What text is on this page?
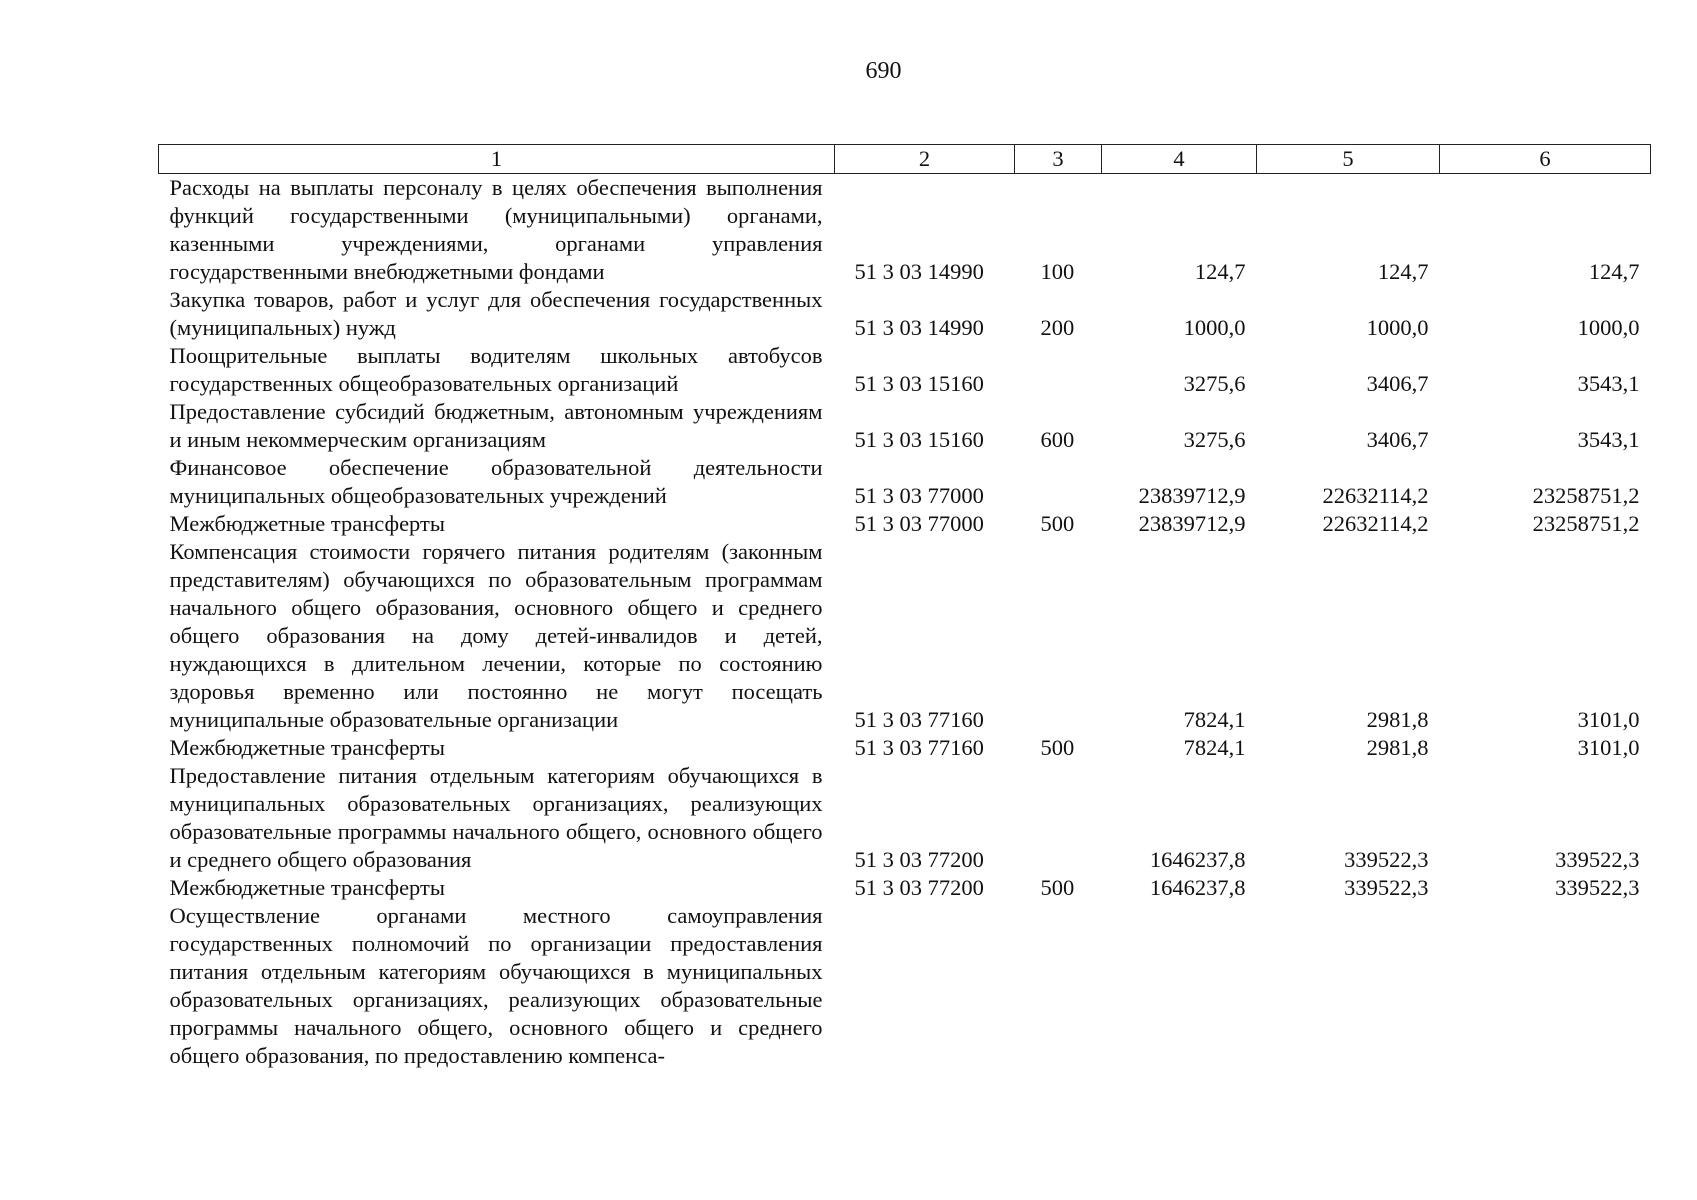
690
1	2	3	4	5	6
Расходы на выплаты персоналу в целях обеспечения выполнения функций государственными (муниципальными) органами, казенными учреждениями, органами управления государственными внебюджетными фондами	51 3 03 14990	100	124,7	124,7	124,7
Закупка товаров, работ и услуг для обеспечения государственных (муниципальных) нужд	51 3 03 14990	200	1000,0	1000,0	1000,0
Поощрительные выплаты водителям школьных автобусов государственных общеобразовательных организаций	51 3 03 15160		3275,6	3406,7	3543,1
Предоставление субсидий бюджетным, автономным учреждениям и иным некоммерческим организациям	51 3 03 15160	600	3275,6	3406,7	3543,1
Финансовое обеспечение образовательной деятельности муниципальных общеобразовательных учреждений	51 3 03 77000		23839712,9	22632114,2	23258751,2
Межбюджетные трансферты	51 3 03 77000	500	23839712,9	22632114,2	23258751,2
Компенсация стоимости горячего питания родителям (законным представителям) обучающихся по образовательным программам начального общего образования, основного общего и среднего общего образования на дому детей-инвалидов и детей, нуждающихся в длительном лечении, которые по состоянию здоровья временно или постоянно не могут посещать муниципальные образовательные организации	51 3 03 77160		7824,1	2981,8	3101,0
Межбюджетные трансферты	51 3 03 77160	500	7824,1	2981,8	3101,0
Предоставление питания отдельным категориям обучающихся в муниципальных образовательных организациях, реализующих образовательные программы начального общего, основного общего и среднего общего образования	51 3 03 77200		1646237,8	339522,3	339522,3
Межбюджетные трансферты	51 3 03 77200	500	1646237,8	339522,3	339522,3
Осуществление органами местного самоуправления государственных полномочий по организации предоставления питания отдельным категориям обучающихся в муниципальных образовательных организациях, реализующих образовательные программы начального общего, основного общего и среднего общего образования, по предоставлению компенса-					
